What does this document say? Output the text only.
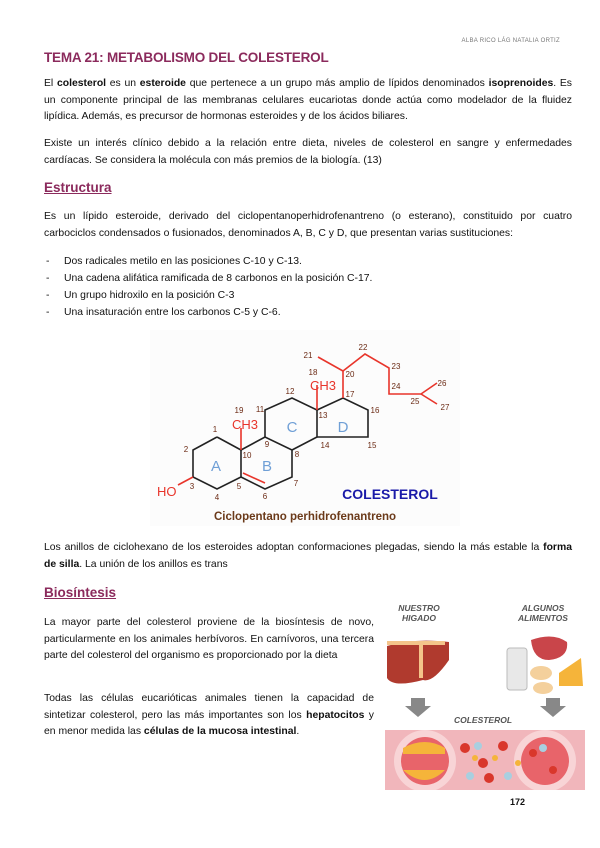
ALBA RICO LÁG NATALIA ORTIZ
TEMA 21: METABOLISMO DEL COLESTEROL
El colesterol es un esteroide que pertenece a un grupo más amplio de lípidos denominados isoprenoides. Es un componente principal de las membranas celulares eucariotas donde actúa como modelador de la fluidez lipídica. Además, es precursor de hormonas esteroides y de los ácidos biliares.
Existe un interés clínico debido a la relación entre dieta, niveles de colesterol en sangre y enfermedades cardíacas. Se considera la molécula con más premios de la biología. (13)
Estructura
Es un lípido esteroide, derivado del ciclopentanoperhidrofenantreno (o esterano), constituido por cuatro carbociclos condensados o fusionados, denominados A, B, C y D, que presentan varias sustituciones:
- Dos radicales metilo en las posiciones C-10 y C-13.
- Una cadena alifática ramificada de 8 carbonos en la posición C-17.
- Un grupo hidroxilo en la posición C-3
- Una insaturación entre los carbonos C-5 y C-6.
A	B
C	D
CH3
CH3
HO
1
2
3
4
5
6
7
8
9
10
11
12
13
14	15
16
17
18
19
20
21
22
23
24
25
26
27
COLESTEROL
Ciclopentano perhidrofenantreno
Los anillos de ciclohexano de los esteroides adoptan conformaciones plegadas, siendo la más estable la forma de silla. La unión de los anillos es trans
Biosíntesis
La mayor parte del colesterol proviene de la biosíntesis de novo, particularmente en los animales herbívoros. En carnívoros, una tercera parte del colesterol del organismo es proporcionado por la dieta
Todas las células eucarióticas animales tienen la capacidad de sintetizar colesterol, pero las más importantes son los hepatocitos y en menor medida las células de la mucosa intestinal.
NUESTRO
HIGADO
ALGUNOS
ALIMENTOS
COLESTEROL
172
